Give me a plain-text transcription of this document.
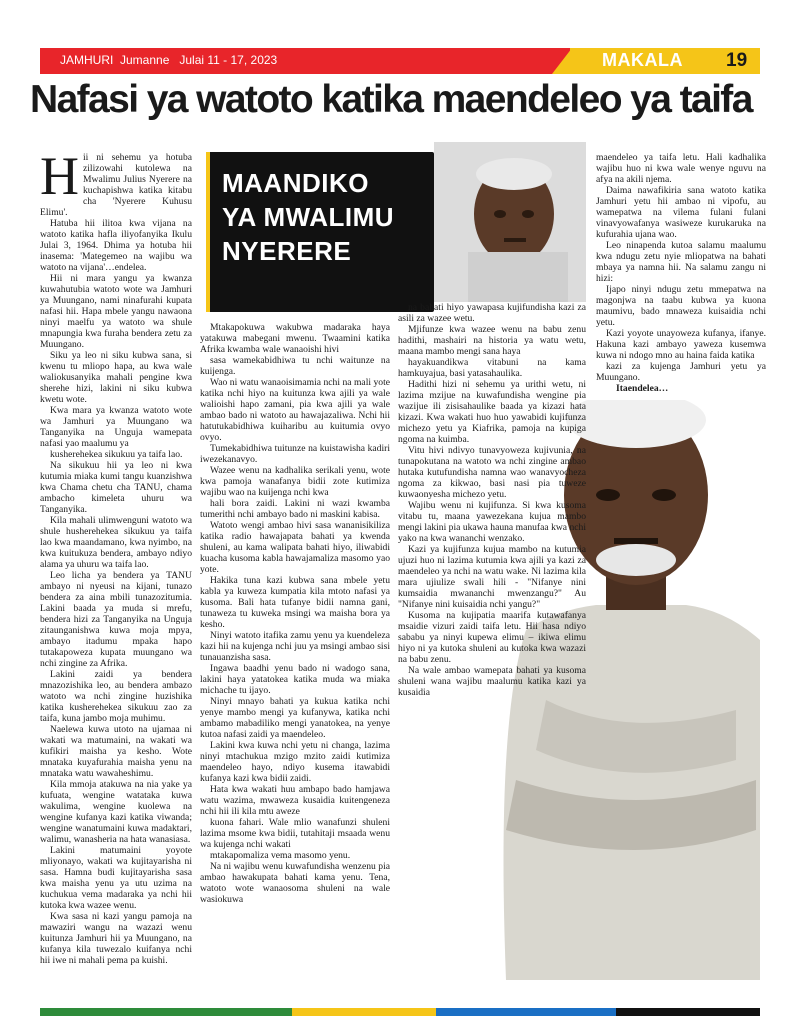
JAMHURI  Jumanne   Julai 11 - 17, 2023	MAKALA 19
Nafasi ya watoto katika maendeleo ya taifa
MAANDIKO
YA MWALIMU
NYERERE
H ii ni sehemu ya hotuba zilizowahi kutolewa na Mwalimu Julius Nyerere na kuchapishwa katika kitabu cha 'Nyerere Kuhusu Elimu'.

Hatuba hii ilitoa kwa vijana na watoto katika hafla iliyofanyika Ikulu Julai 3, 1964. Dhima ya hotuba hii inasema: 'Mategemeo na wajibu wa watoto na vijana'…endelea.

Hii ni mara yangu ya kwanza kuwahutubia watoto wote wa Jamhuri ya Muungano, nami ninafurahi kupata nafasi hii. Hapa mbele yangu nawaona ninyi maelfu ya watoto wa shule mnapungia kwa furaha bendera zetu za Muungano.

Siku ya leo ni siku kubwa sana, si kwenu tu mliopo hapa, au kwa wale waliokusanyika mahali pengine kwa sherehe hizi, lakini ni siku kubwa kwetu wote.

Kwa mara ya kwanza watoto wote wa Jamhuri ya Muungano wa Tanganyika na Unguja wamepata nafasi yao maalumu ya

kusherehekea sikukuu ya taifa lao.

Na sikukuu hii ya leo ni kwa kutumia miaka kumi tangu kuanzishwa kwa Chama chetu cha TANU, chama ambacho kimeleta uhuru wa Tanganyika.

Kila mahali ulimwenguni watoto wa shule husherehekea sikukuu ya taifa lao kwa maandamano, kwa nyimbo, na kwa kuitukuza bendera, ambayo ndiyo alama ya uhuru wa taifa lao.

Leo licha ya bendera ya TANU ambayo ni nyeusi na kijani, tunazo bendera za aina mbili tunazozitumia. Lakini baada ya muda si mrefu, bendera hizi za Tanganyika na Unguja zitaunganishwa kuwa moja mpya, ambayo itadumu mpaka hapo tutakapoweza kupata muungano wa nchi zingine za Afrika.

Lakini zaidi ya bendera mnazozishika leo, au bendera ambazo watoto wa nchi zingine huzishika katika kusherehekea sikukuu zao za taifa, kuna jambo moja muhimu.

Naelewa kuwa utoto na ujamaa ni wakati wa matumaini, na wakati wa kufikiri maisha ya kesho. Wote mnataka kuyafurahia maisha yenu na mnataka watu wawaheshimu.

Kila mmoja atakuwa na nia yake ya kufuata, wengine watataka kuwa wakulima, wengine kuolewa na wengine kufanya kazi katika viwanda; wengine wanatumaini kuwa madaktari, walimu, wanasheria na hata wanasiasa.

Lakini matumaini yoyote mliyonayo, wakati wa kujitayarisha ni sasa. Hamna budi kujitayarisha sasa kwa maisha yenu ya utu uzima na kuchukua vema madaraka ya nchi hii kutoka kwa wazee wenu.

Kwa sasa ni kazi yangu pamoja na mawaziri wangu na wazazi wenu kuitunza Jamhuri hii ya Muungano, na kufanya kila tuwezalo kuifanya nchi hii iwe ni mahali pema pa kuishi.

Mtakapokuwa wakubwa madaraka haya yatakuwa mabegani mwenu. Twaamini katika Afrika kwamba wale wanaoishi hivi

sasa wamekabidhiwa tu nchi waitunze na kuijenga.

Wao ni watu wanaoisimamia nchi na mali yote katika nchi hiyo na kuitunza kwa ajili ya wale walioishi hapo zamani, pia kwa ajili ya wale ambao bado ni watoto au hawajazaliwa. Nchi hii hatutukabidhiwa kuiharibu au kuitumia ovyo ovyo.

Tumekabidhiwa tuitunze na kuistawisha kadiri iwezekanavyo.

Wazee wenu na kadhalika serikali yenu, wote kwa pamoja wanafanya bidii zote kutimiza wajibu wao na kuijenga nchi kwa

hali bora zaidi. Lakini ni wazi kwamba tumerithi nchi ambayo bado ni maskini kabisa.

Watoto wengi ambao hivi sasa wananisikiliza katika radio hawajapata bahati ya kwenda shuleni, au kama walipata bahati hiyo, iliwabidi kuacha kusoma kabla hawajamaliza masomo yao yote.

Hakika tuna kazi kubwa sana mbele yetu kabla ya kuweza kumpatia kila mtoto nafasi ya kusoma. Bali hata tufanye bidii namna gani, tunaweza tu kuweka msingi wa maisha bora ya kesho.

Ninyi watoto itafika zamu yenu ya kuendeleza kazi hii na kujenga nchi juu ya msingi ambao sisi tunauanzisha sasa.

Ingawa baadhi yenu bado ni wadogo sana, lakini haya yatatokea katika muda wa miaka michache tu ijayo.

Ninyi mnayo bahati ya kukua katika nchi yenye mambo mengi ya kufanywa, katika nchi ambamo mabadiliko mengi yanatokea, na yenye kutoa nafasi zaidi ya maendeleo.

Lakini kwa kuwa nchi yetu ni changa, lazima ninyi mtachukua mzigo mzito zaidi kutimiza maendeleo hayo, ndiyo kusema itawabidi kufanya kazi kwa bidii zaidi.

Hata kwa wakati huu ambapo bado hamjawa watu wazima, mwaweza kusaidia kuitengeneza nchi hii ili kila mtu aweze

kuona fahari. Wale mlio wanafunzi shuleni lazima msome kwa bidii, tutahitaji msaada wenu wa kujenga nchi wakati

mtakapomaliza vema masomo yenu.

Na ni wajibu wenu kuwafundisha wenzenu pia ambao hawakupata bahati kama yenu. Tena, watoto wote wanaosoma shuleni na wale wasiokuwa

na bahati hiyo yawapasa kujifundisha kazi za asili za wazee wetu.

Mjifunze kwa wazee wenu na babu zenu hadithi, mashairi na historia ya watu wetu, maana mambo mengi sana haya

hayakuandikwa vitabuni na kama hamkuyajua, basi yatasahaulika.

Hadithi hizi ni sehemu ya urithi wetu, ni lazima mzijue na kuwafundisha wengine pia wazijue ili zisisahaulike baada ya kizazi hata kizazi. Kwa wakati huo huo yawabidi kujifunza michezo yetu ya Kiafrika, pamoja na kupiga ngoma na kuimba.

Vitu hivi ndivyo tunavyoweza kujivunia, na tunapokutana na watoto wa nchi zingine ambao hutaka kutufundisha namna wao wanavyocheza ngoma za kikwao, basi nasi pia tuweze kuwaonyesha michezo yetu.

Wajibu wenu ni kujifunza. Si kwa kusoma vitabu tu, maana yawezekana kujua mambo mengi lakini pia ukawa hauna manufaa kwa nchi yako na kwa wananchi wenzako.

Kazi ya kujifunza kujua mambo na kutumia ujuzi huo ni lazima kutumia kwa ajili ya kazi za maendeleo ya nchi na watu wake. Ni lazima kila mara ujiulize swali hili - "Nifanye nini kumsaidia mwananchi mwenzangu?" Au "Nifanye nini kuisaidia nchi yangu?"

Kusoma na kujipatia maarifa kutawafanya msaidie vizuri zaidi taifa letu. Hii hasa ndiyo sababu ya ninyi kupewa elimu – ikiwa elimu hiyo ni ya kutoka shuleni au kutoka kwa wazazi na babu zenu.

Na wale ambao wamepata bahati ya kusoma shuleni wana wajibu maalumu katika kazi ya kusaidia

maendeleo ya taifa letu. Hali kadhalika wajibu huo ni kwa wale wenye nguvu na afya na akili njema.

Daima nawafikiria sana watoto katika Jamhuri yetu hii ambao ni vipofu, au wamepatwa na vilema fulani fulani vinavyowafanya wasiweze kurukaruka na kufurahia ujana wao.

Leo ninapenda kutoa salamu maalumu kwa ndugu zetu nyie mliopatwa na bahati mbaya ya namna hii. Na salamu zangu ni hizi:

Ijapo ninyi ndugu zetu mmepatwa na magonjwa na taabu kubwa ya kuona maumivu, bado mnaweza kuisaidia nchi yetu.

Kazi yoyote unayoweza kufanya, ifanye. Hakuna kazi ambayo yaweza kusemwa kuwa ni ndogo mno au haina faida katika

kazi za kujenga Jamhuri yetu ya Muungano.

Itaendelea…
